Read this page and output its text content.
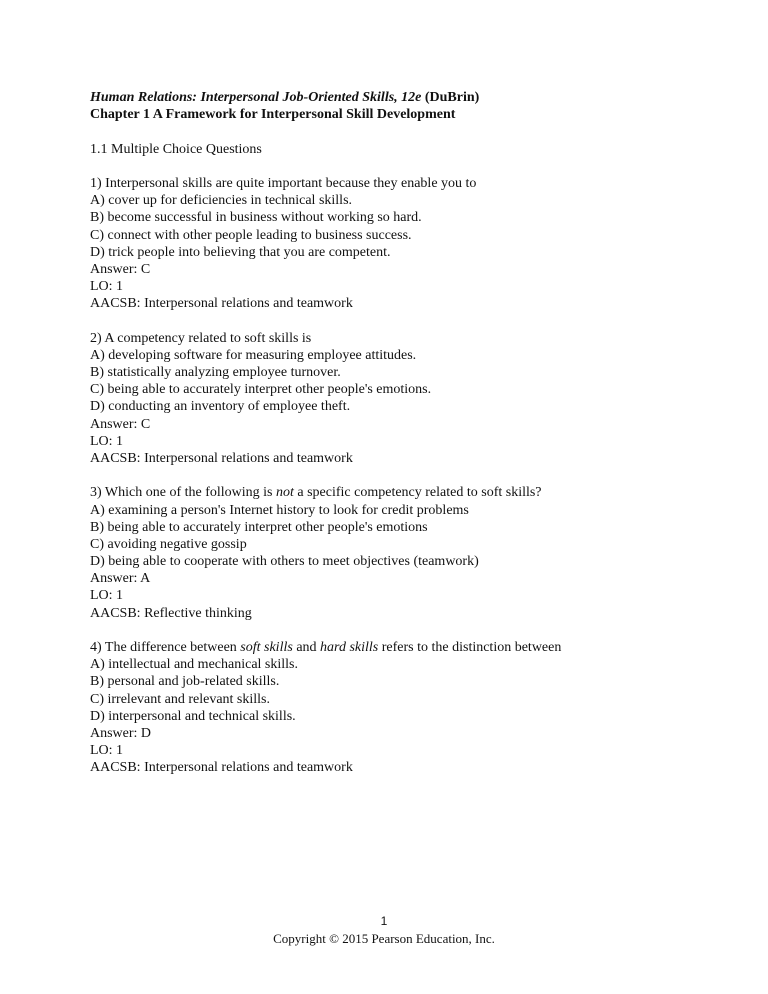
Human Relations: Interpersonal Job-Oriented Skills, 12e (DuBrin)
Chapter 1 A Framework for Interpersonal Skill Development
1.1 Multiple Choice Questions
1) Interpersonal skills are quite important because they enable you to
A) cover up for deficiencies in technical skills.
B) become successful in business without working so hard.
C) connect with other people leading to business success.
D) trick people into believing that you are competent.
Answer: C
LO: 1
AACSB: Interpersonal relations and teamwork
2) A competency related to soft skills is
A) developing software for measuring employee attitudes.
B) statistically analyzing employee turnover.
C) being able to accurately interpret other people's emotions.
D) conducting an inventory of employee theft.
Answer: C
LO: 1
AACSB: Interpersonal relations and teamwork
3) Which one of the following is not a specific competency related to soft skills?
A) examining a person's Internet history to look for credit problems
B) being able to accurately interpret other people's emotions
C) avoiding negative gossip
D) being able to cooperate with others to meet objectives (teamwork)
Answer: A
LO: 1
AACSB: Reflective thinking
4) The difference between soft skills and hard skills refers to the distinction between
A) intellectual and mechanical skills.
B) personal and job-related skills.
C) irrelevant and relevant skills.
D) interpersonal and technical skills.
Answer: D
LO: 1
AACSB: Interpersonal relations and teamwork
1
Copyright © 2015 Pearson Education, Inc.
